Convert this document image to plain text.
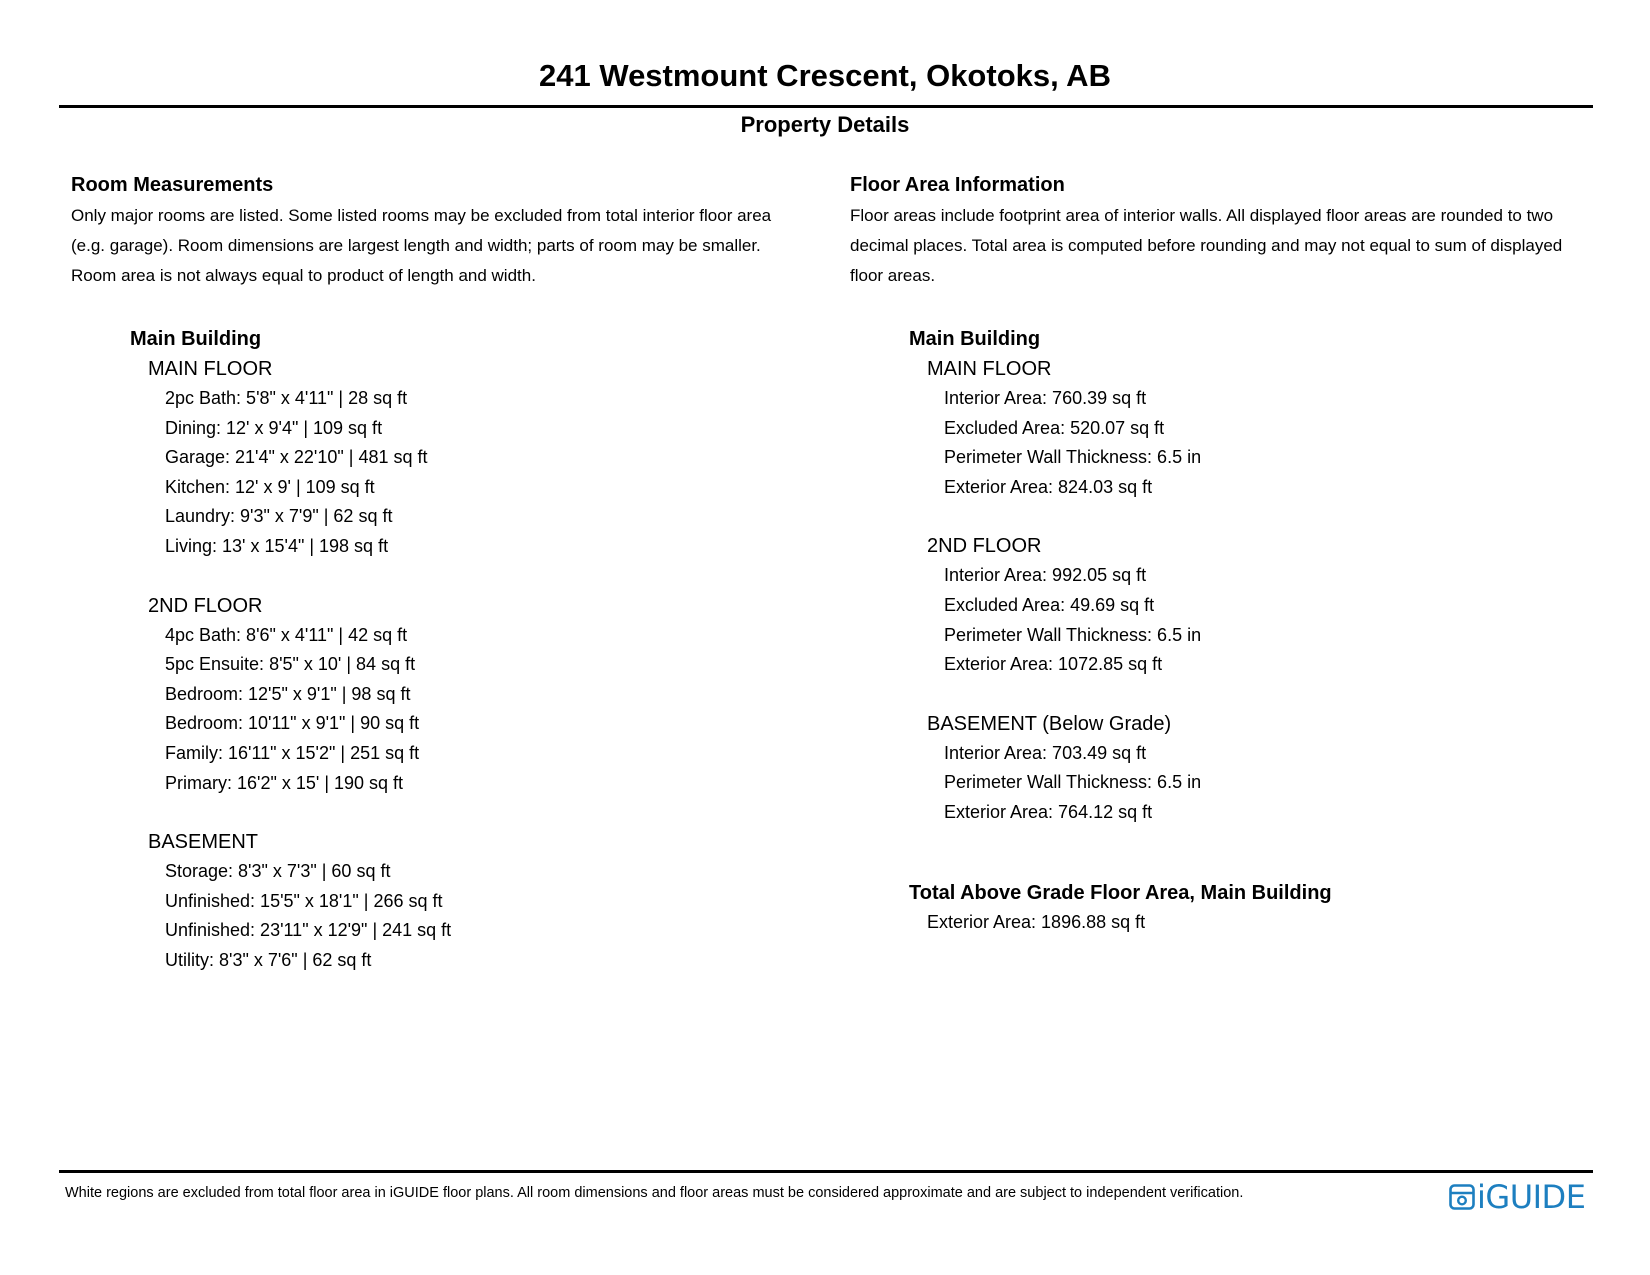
241 Westmount Crescent, Okotoks, AB
Property Details
Room Measurements
Only major rooms are listed. Some listed rooms may be excluded from total interior floor area
(e.g. garage). Room dimensions are largest length and width; parts of room may be smaller.
Room area is not always equal to product of length and width.
Main Building
MAIN FLOOR
2pc Bath: 5'8" x 4'11" | 28 sq ft
Dining: 12' x 9'4" | 109 sq ft
Garage: 21'4" x 22'10" | 481 sq ft
Kitchen: 12' x 9' | 109 sq ft
Laundry: 9'3" x 7'9" | 62 sq ft
Living: 13' x 15'4" | 198 sq ft
2ND FLOOR
4pc Bath: 8'6" x 4'11" | 42 sq ft
5pc Ensuite: 8'5" x 10' | 84 sq ft
Bedroom: 12'5" x 9'1" | 98 sq ft
Bedroom: 10'11" x 9'1" | 90 sq ft
Family: 16'11" x 15'2" | 251 sq ft
Primary: 16'2" x 15' | 190 sq ft
BASEMENT
Storage: 8'3" x 7'3" | 60 sq ft
Unfinished: 15'5" x 18'1" | 266 sq ft
Unfinished: 23'11" x 12'9" | 241 sq ft
Utility: 8'3" x 7'6" | 62 sq ft
Floor Area Information
Floor areas include footprint area of interior walls. All displayed floor areas are rounded to two
decimal places. Total area is computed before rounding and may not equal to sum of displayed
floor areas.
Main Building
MAIN FLOOR
Interior Area: 760.39 sq ft
Excluded Area: 520.07 sq ft
Perimeter Wall Thickness: 6.5 in
Exterior Area: 824.03 sq ft
2ND FLOOR
Interior Area: 992.05 sq ft
Excluded Area: 49.69 sq ft
Perimeter Wall Thickness: 6.5 in
Exterior Area: 1072.85 sq ft
BASEMENT (Below Grade)
Interior Area: 703.49 sq ft
Perimeter Wall Thickness: 6.5 in
Exterior Area: 764.12 sq ft
Total Above Grade Floor Area, Main Building
Exterior Area: 1896.88 sq ft
White regions are excluded from total floor area in iGUIDE floor plans. All room dimensions and floor areas must be considered approximate and are subject to independent verification.	iGUIDE
